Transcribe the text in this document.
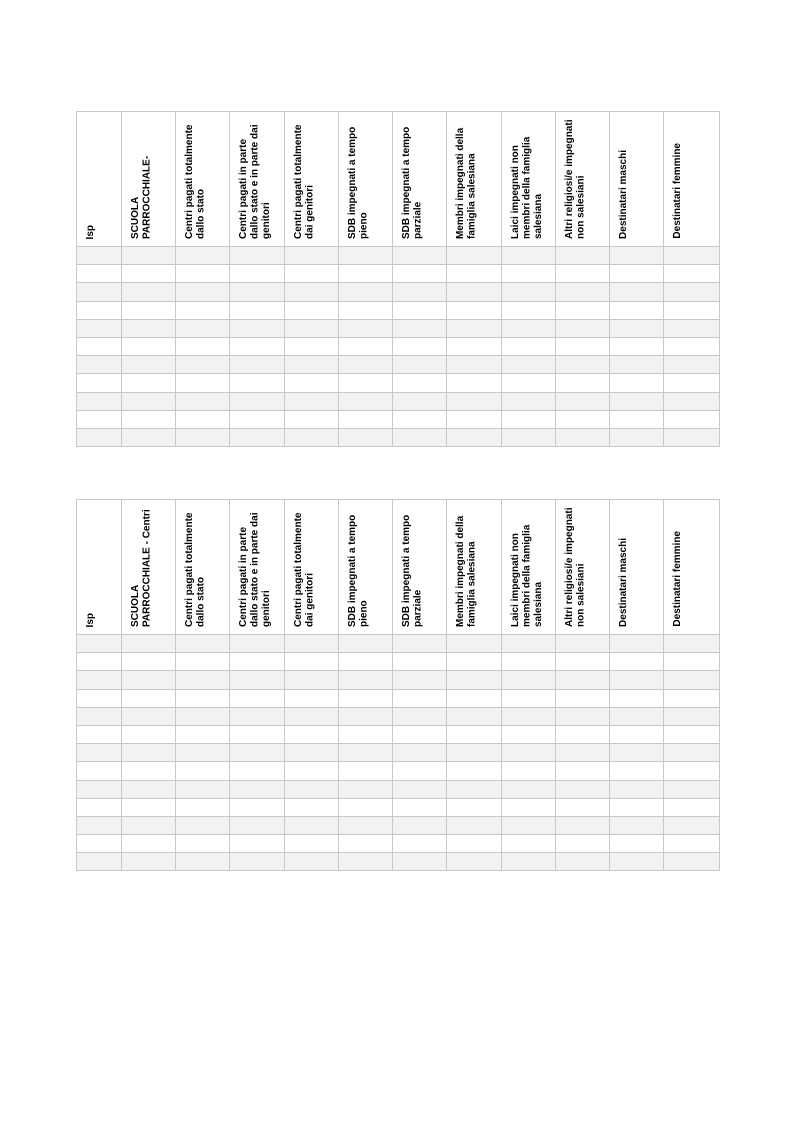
Isp	SCUOLA PARROCCHIALE-	Centri pagati totalmente dallo stato	Centri pagati in parte dallo stato e in parte dai genitori	Centri pagati totalmente dai genitori	SDB impegnati a tempo pieno	SDB impegnati a tempo parziale	Membri impegnati della famiglia salesiana	Laici impegnati non membri della famiglia salesiana	Altri religiosi/e impegnati non salesiani	Destinatari maschi	Destinatari femmine

Isp	SCUOLA PARROCCHIALE - Centri	Centri pagati totalmente dallo stato	Centri pagati in parte dallo stato e in parte dai genitori	Centri pagati totalmente dai genitori	SDB impegnati a tempo pieno	SDB impegnati a tempo parziale	Membri impegnati della famiglia salesiana	Laici impegnati non membri della famiglia salesiana	Altri religiosi/e impegnati non salesiani	Destinatari maschi	Destinatari femmine
